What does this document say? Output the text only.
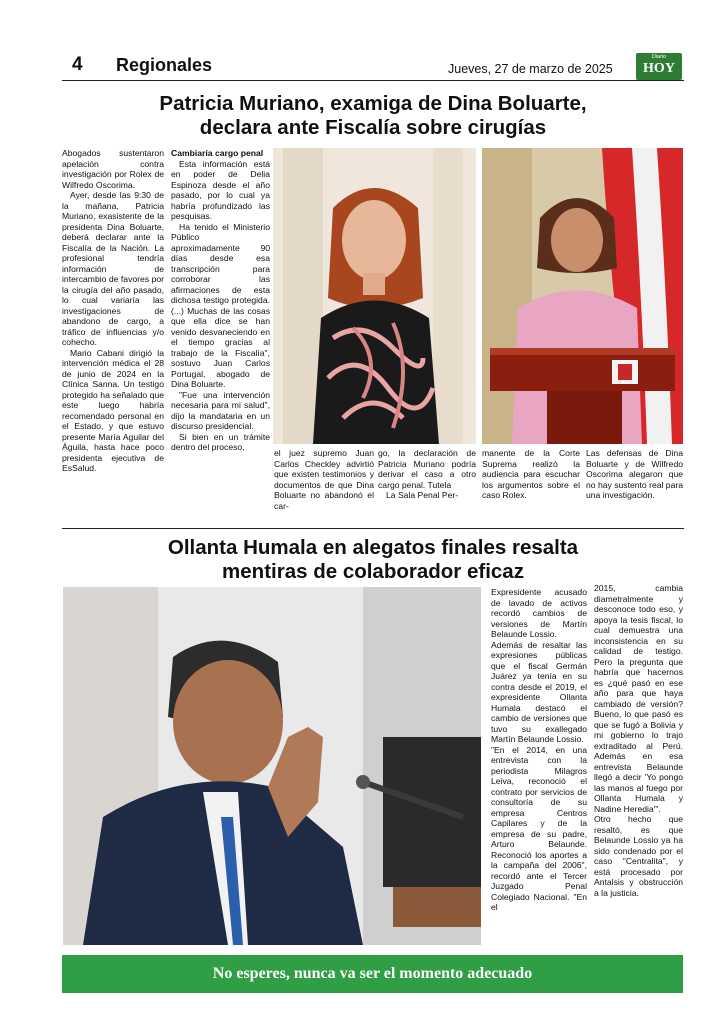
4 Regionales	Jueves, 27 de marzo de 2025
Diario
HOY
Patricia Muriano, examiga de Dina Boluarte,
declara ante Fiscalía sobre cirugías

Abogados sustentaron apelación contra investigación por Rolex de Wilfredo Oscorima.

Ayer, desde las 9:30 de la mañana, Patricia Muriano, exasistente de la presidenta Dina Boluarte, deberá declarar ante la Fiscalía de la Nación. La profesional tendría información de intercambio de favores por la cirugía del año pasado, lo cual variaría las investigaciones de abandono de cargo, a tráfico de influencias y/o cohecho.

Mario Cabani dirigió la intervención médica el 28 de junio de 2024 en la Clínica Sanna. Un testigo protegido ha señalado que este luego habría recomendado personal en el Estado, y que estuvo presente María Aguilar del Águila, hasta hace poco presidenta ejecutiva de EsSalud.

Cambiaría cargo penal

Esta información está en poder de Delia Espinoza desde el año pasado, por lo cual ya habría profundizado las pesquisas.

Ha tenido el Ministerio Público aproximadamente 90 días desde esa transcripción para corroborar las afirmaciones de esta dichosa testigo protegida. (...) Muchas de las cosas que ella dice se han venido desvaneciendo en el tiempo gracias al trabajo de la Fiscalía", sostuvo Juan Carlos Portugal, abogado de Dina Boluarte.

"Fue una intervención necesaria para mi salud", dijo la mandataria en un discurso presidencial.

Si bien en un trámite dentro del proceso,

el juez supremo Juan Carlos Checkley advirtió que existen testimonios y documentos de que Dina Boluarte no abandonó el car-

go, la declaración de Patricia Muriano podría derivar el caso a otro cargo penal. Tutela

La Sala Penal Per-

manente de la Corte Suprema realizó la audiencia para escuchar los argumentos sobre el caso Rolex.

Las defensas de Dina Boluarte y de Wilfredo Oscorima alegaron que no hay sustento real para una investigación.

Ollanta Humala en alegatos finales resalta
mentiras de colaborador eficaz

Expresidente acusado de lavado de activos recordó cambios de versiones de Martín Belaunde Lossio.

Además de resaltar las expresiones públicas que el fiscal Germán Juárez ya tenía en su contra desde el 2019, el expresidente Ollanta Humala destacó el cambio de versiones que tuvo su exallegado Martín Belaunde Lossio.

"En el 2014, en una entrevista con la periodista Milagros Leiva, reconoció el contrato por servicios de consultoría de su empresa Centros Capilares y de la empresa de su padre, Arturo Belaunde. Reconoció los aportes a la campaña del 2006", recordó ante el Tercer Juzgado Penal Colegiado Nacional. "En el

2015, cambia diametralmente y desconoce todo eso, y apoya la tesis fiscal, lo cual demuestra una inconsistencia en su calidad de testigo. Pero la pregunta que habría que hacernos es ¿qué pasó en ese año para que haya cambiado de versión? Bueno, lo que pasó es que se fugó a Bolivia y mi gobierno lo trajo extraditado al Perú. Además en esa entrevista Belaunde llegó a decir 'Yo pongo las manos al fuego por Ollanta Humala y Nadine Heredia'".

Otro hecho que resaltó, es que Belaunde Lossio ya ha sido condenado por el caso "Centralita", y está procesado por Antalsis y obstrucción a la justicia.

No esperes, nunca va ser el momento adecuado
